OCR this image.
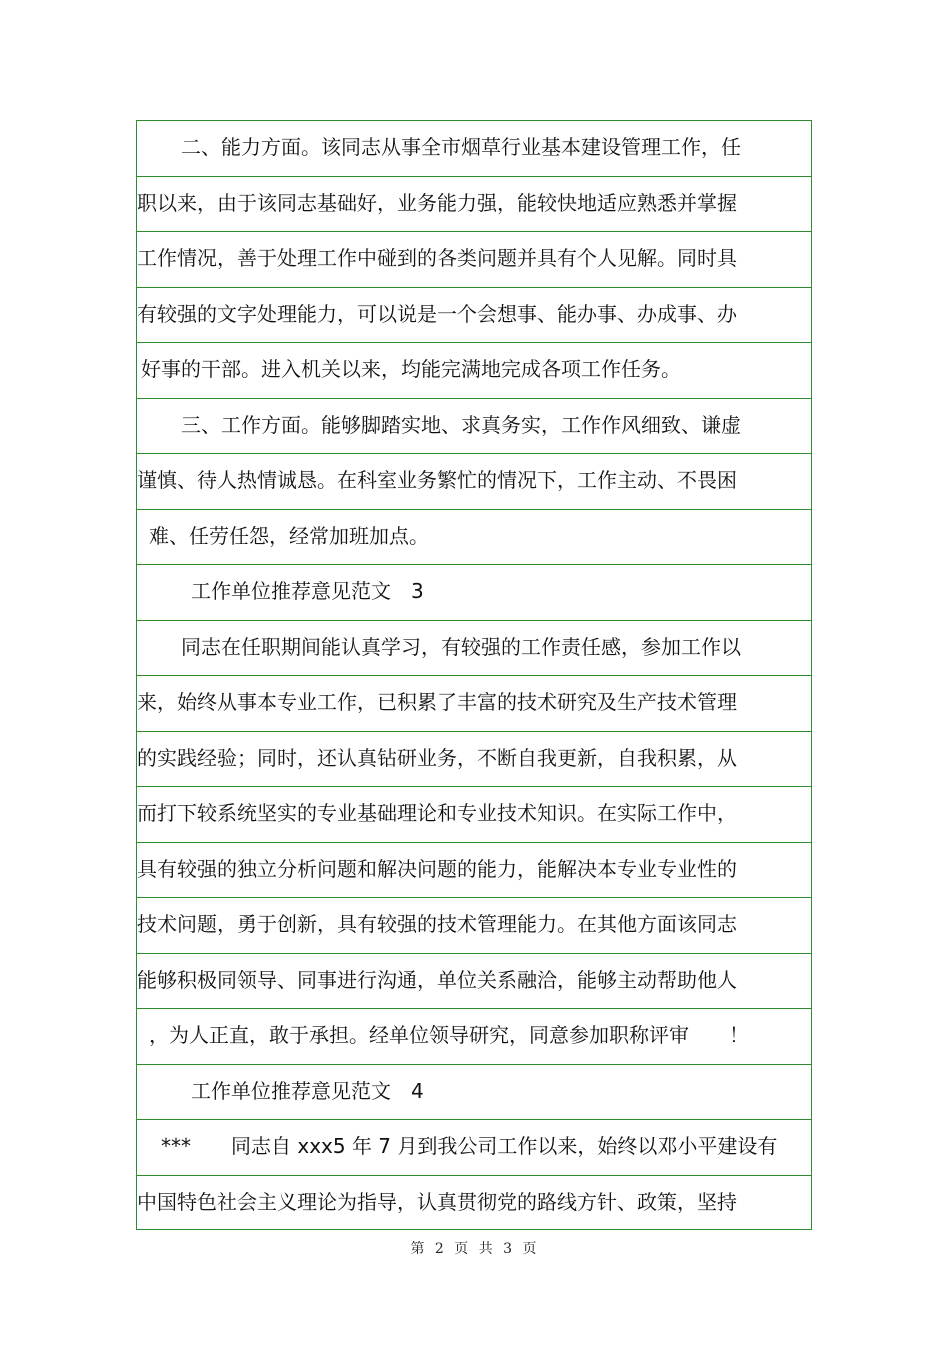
二、能力方面。该同志从事全市烟草行业基本建设管理工作，任
职以来，由于该同志基础好，业务能力强，能较快地适应熟悉并掌握
工作情况，善于处理工作中碰到的各类问题并具有个人见解。同时具
有较强的文字处理能力，可以说是一个会想事、能办事、办成事、办
好事的干部。进入机关以来，均能完满地完成各项工作任务。
三、工作方面。能够脚踏实地、求真务实，工作作风细致、谦虚
谨慎、待人热情诚恳。在科室业务繁忙的情况下，工作主动、不畏困
难、任劳任怨，经常加班加点。
工作单位推荐意见范文　3
同志在任职期间能认真学习，有较强的工作责任感，参加工作以
来，始终从事本专业工作，已积累了丰富的技术研究及生产技术管理
的实践经验；同时，还认真钻研业务，不断自我更新，自我积累，从
而打下较系统坚实的专业基础理论和专业技术知识。在实际工作中，
具有较强的独立分析问题和解决问题的能力，能解决本专业专业性的
技术问题，勇于创新，具有较强的技术管理能力。在其他方面该同志
能够积极同领导、同事进行沟通，单位关系融洽，能够主动帮助他人
，为人正直，敢于承担。经单位领导研究，同意参加职称评审　　！
工作单位推荐意见范文　4
***　　同志自 xxx5 年 7 月到我公司工作以来，始终以邓小平建设有
中国特色社会主义理论为指导，认真贯彻党的路线方针、政策，坚持
第 2 页 共 3 页
